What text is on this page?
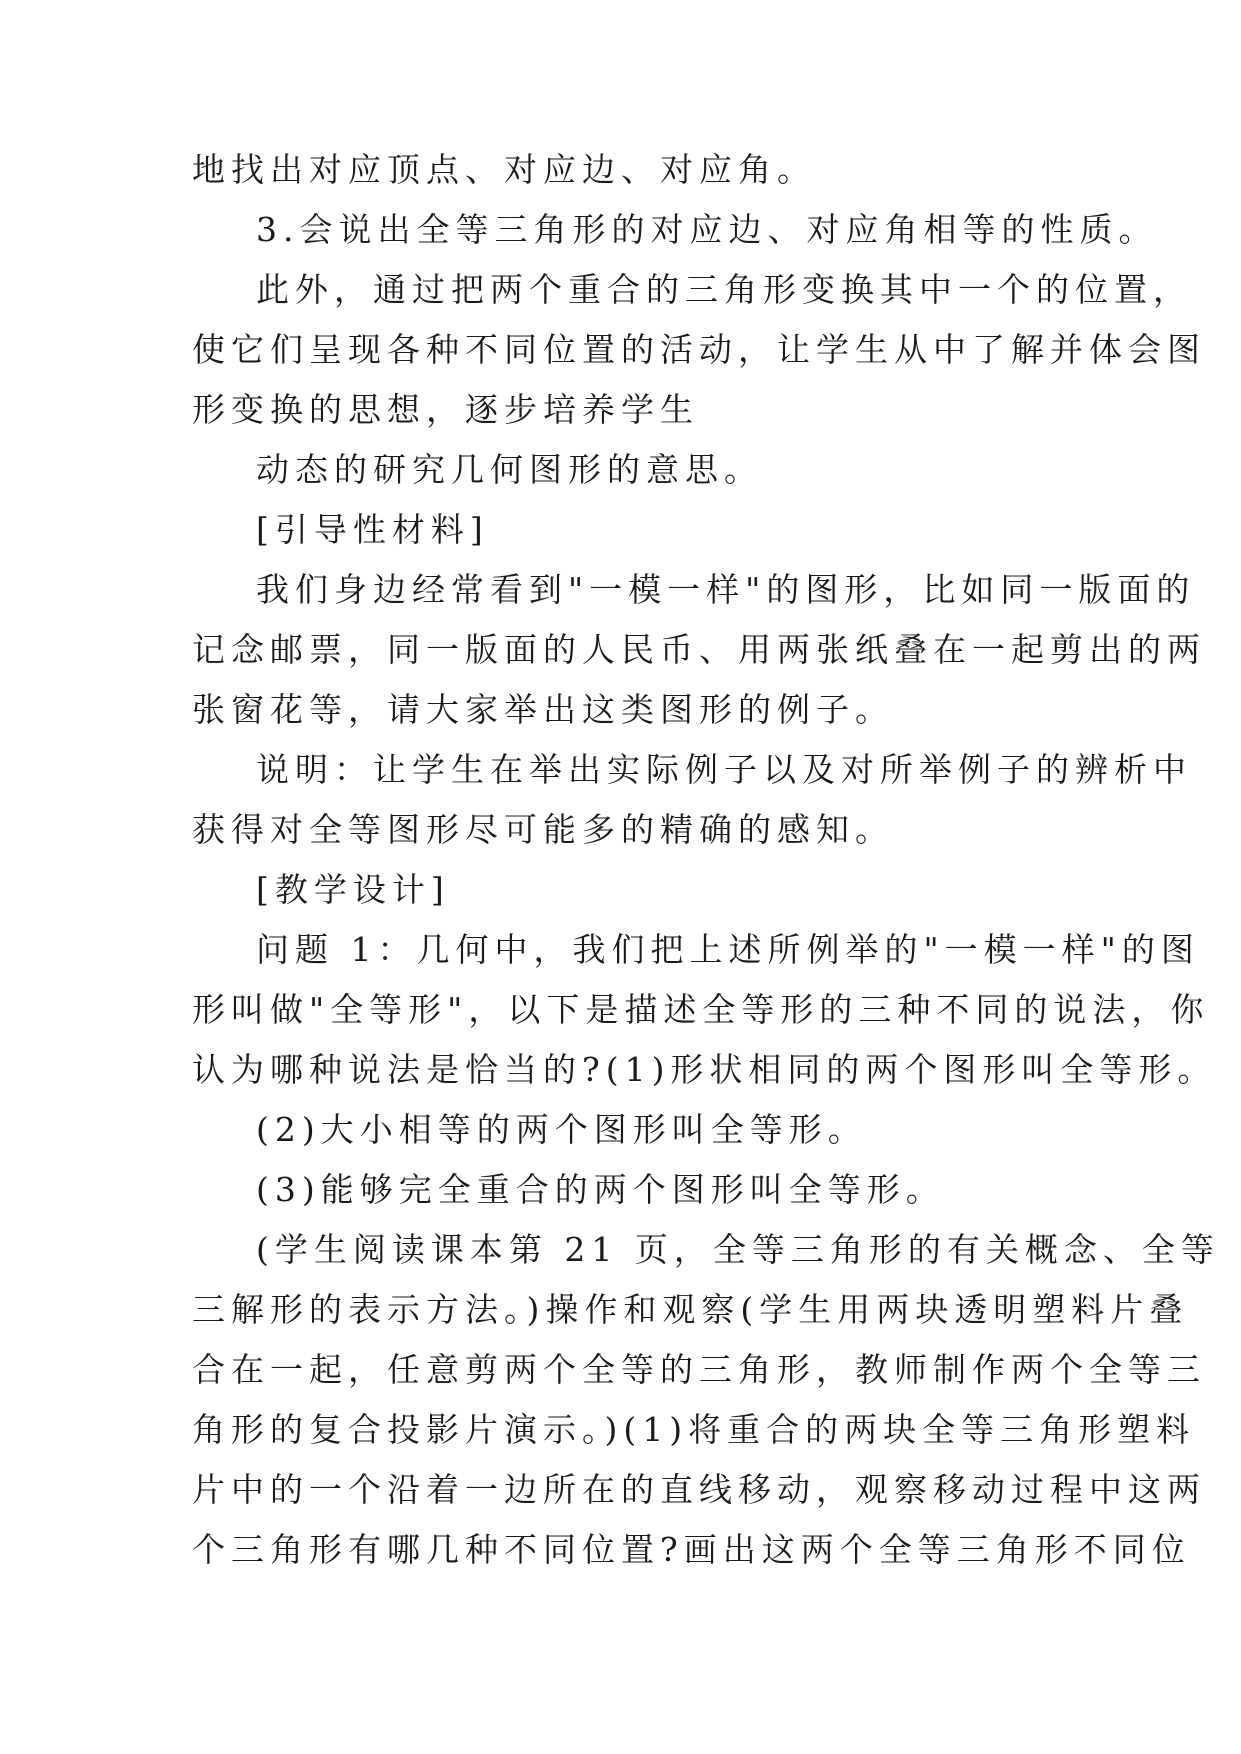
地找出对应顶点、对应边、对应角。
3.会说出全等三角形的对应边、对应角相等的性质。
此外，通过把两个重合的三角形变换其中一个的位置，
使它们呈现各种不同位置的活动，让学生从中了解并体会图
形变换的思想，逐步培养学生
动态的研究几何图形的意思。
[引导性材料]
我们身边经常看到"一模一样"的图形，比如同一版面的
记念邮票，同一版面的人民币、用两张纸叠在一起剪出的两
张窗花等，请大家举出这类图形的例子。
说明：让学生在举出实际例子以及对所举例子的辨析中
获得对全等图形尽可能多的精确的感知。
[教学设计]
问题 1：几何中，我们把上述所例举的"一模一样"的图
形叫做"全等形"，以下是描述全等形的三种不同的说法，你
认为哪种说法是恰当的?(1)形状相同的两个图形叫全等形。
(2)大小相等的两个图形叫全等形。
(3)能够完全重合的两个图形叫全等形。
(学生阅读课本第 21 页，全等三角形的有关概念、全等
三解形的表示方法。)操作和观察(学生用两块透明塑料片叠
合在一起，任意剪两个全等的三角形，教师制作两个全等三
角形的复合投影片演示。)(1)将重合的两块全等三角形塑料
片中的一个沿着一边所在的直线移动，观察移动过程中这两
个三角形有哪几种不同位置?画出这两个全等三角形不同位
